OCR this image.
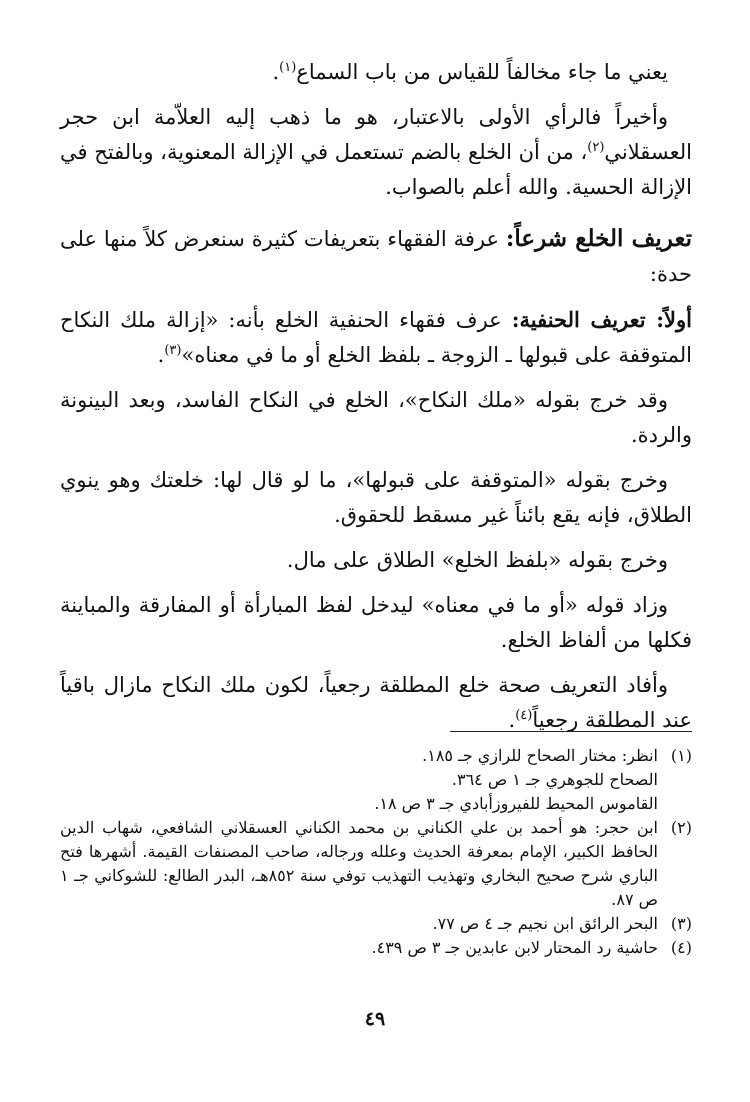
يعني ما جاء مخالفاً للقياس من باب السماع$^{(١)}$.

وأخيراً فالرأي الأولى بالاعتبار، هو ما ذهب إليه العلاّمة ابن حجر العسقلاني$^{(٢)}$، من أن الخلع بالضم تستعمل في الإزالة المعنوية، وبالفتح في الإزالة الحسية. والله أعلم بالصواب.

تعريف الخلع شرعاً: عرفة الفقهاء بتعريفات كثيرة سنعرض كلاً منها على حدة:

أولاً: تعريف الحنفية: عرف فقهاء الحنفية الخلع بأنه: «إزالة ملك النكاح المتوقفة على قبولها ـ الزوجة ـ بلفظ الخلع أو ما في معناه»$^{(٣)}$.

وقد خرج بقوله «ملك النكاح»، الخلع في النكاح الفاسد، وبعد البينونة والردة.

وخرج بقوله «المتوقفة على قبولها»، ما لو قال لها: خلعتك وهو ينوي الطلاق، فإنه يقع بائناً غير مسقط للحقوق.

وخرج بقوله «بلفظ الخلع» الطلاق على مال.

وزاد قوله «أو ما في معناه» ليدخل لفظ المبارأة أو المفارقة والمباينة فكلها من ألفاظ الخلع.

وأفاد التعريف صحة خلع المطلقة رجعياً، لكون ملك النكاح مازال باقياً عند المطلقة رجعياً$^{(٤)}$.

(١)
انظر: مختار الصحاح للرازي جـ ١٨٥.
الصحاح للجوهري جـ ١ ص ٣٦٤.
القاموس المحيط للفيروزأبادي جـ ٣ ص ١٨.
(٢)
ابن حجر: هو أحمد بن علي الكناني بن محمد الكناني العسقلاني الشافعي، شهاب الدين الحافظ الكبير، الإمام بمعرفة الحديث وعلله ورجاله، صاحب المصنفات القيمة. أشهرها فتح الباري شرح صحيح البخاري وتهذيب التهذيب توفي سنة ٨٥٢هـ، البدر الطالع: للشوكاني جـ ١ ص ٨٧.
(٣)
البحر الرائق ابن نجيم جـ ٤ ص ٧٧.
(٤)
حاشية رد المحتار لابن عابدين جـ ٣ ص ٤٣٩.
٤٩
